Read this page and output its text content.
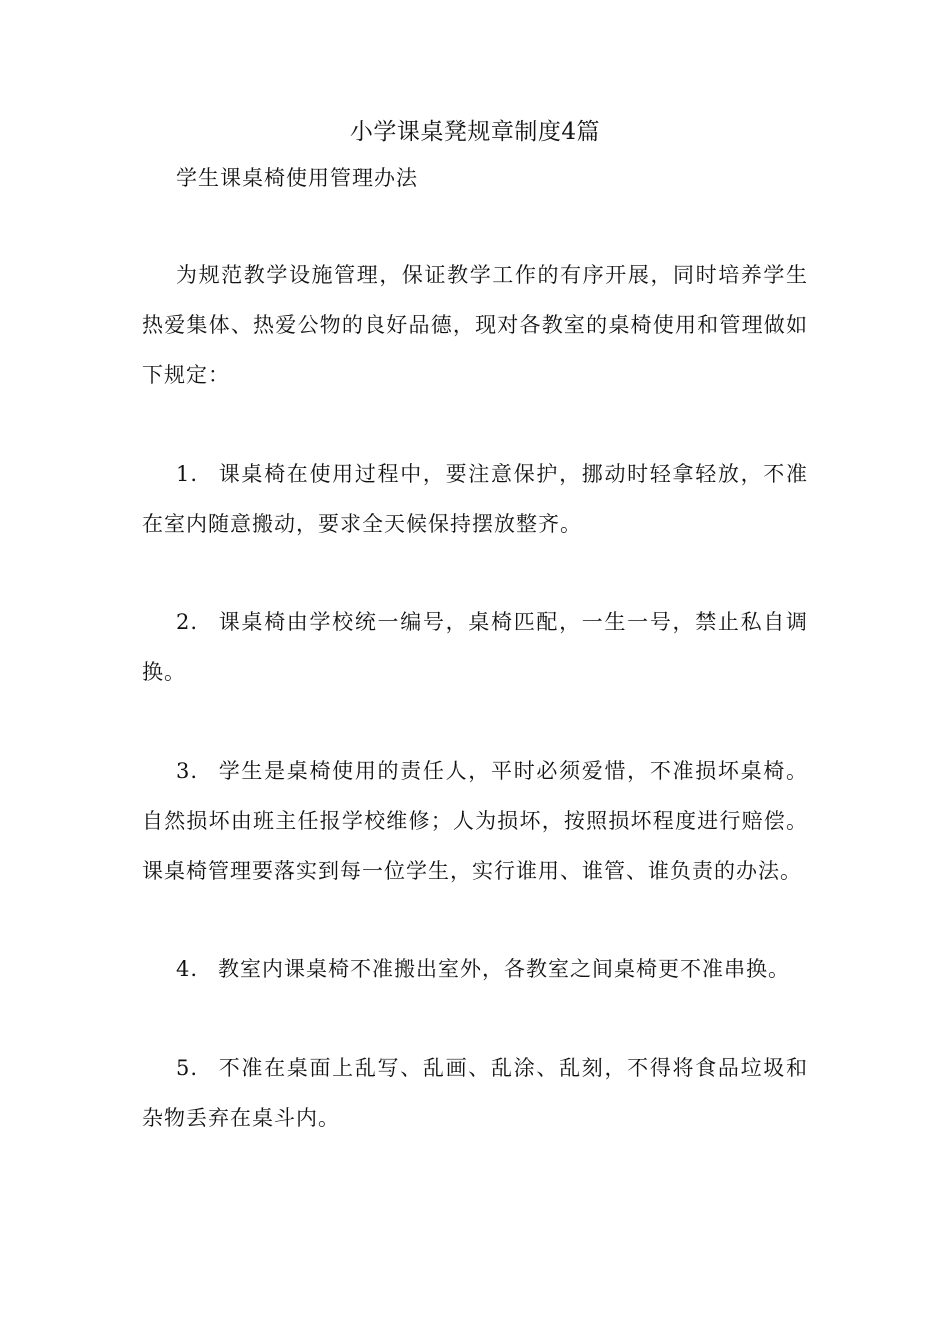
小学课桌凳规章制度4篇
学生课桌椅使用管理办法
为规范教学设施管理，保证教学工作的有序开展，同时培养学生热爱集体、热爱公物的良好品德，现对各教室的桌椅使用和管理做如下规定：
1. 课桌椅在使用过程中，要注意保护，挪动时轻拿轻放，不准在室内随意搬动，要求全天候保持摆放整齐。
2. 课桌椅由学校统一编号，桌椅匹配，一生一号，禁止私自调换。
3. 学生是桌椅使用的责任人，平时必须爱惜，不准损坏桌椅。自然损坏由班主任报学校维修；人为损坏，按照损坏程度进行赔偿。课桌椅管理要落实到每一位学生，实行谁用、谁管、谁负责的办法。
4. 教室内课桌椅不准搬出室外，各教室之间桌椅更不准串换。
5. 不准在桌面上乱写、乱画、乱涂、乱刻，不得将食品垃圾和杂物丢弃在桌斗内。
